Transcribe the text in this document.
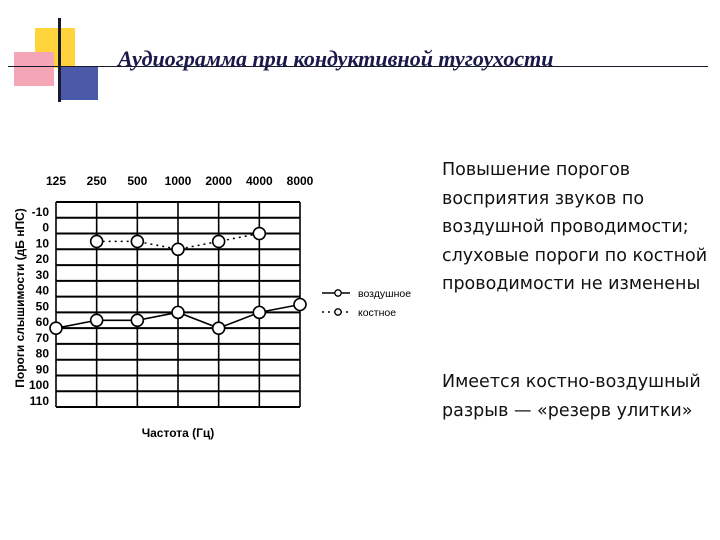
Аудиограмма при кондуктивной тугоухости
125 250 500 1000 2000 4000 8000
-10
0
10
20
30
40
50
60
70
80
90
100
110
Пороги слышимости (дБ нПС)
Частота (Гц)
воздушное
костное

Повышение порогов восприятия звуков по воздушной проводимости; слуховые пороги по костной проводимости не изменены

Имеется костно-воздушный разрыв — «резерв улитки»
